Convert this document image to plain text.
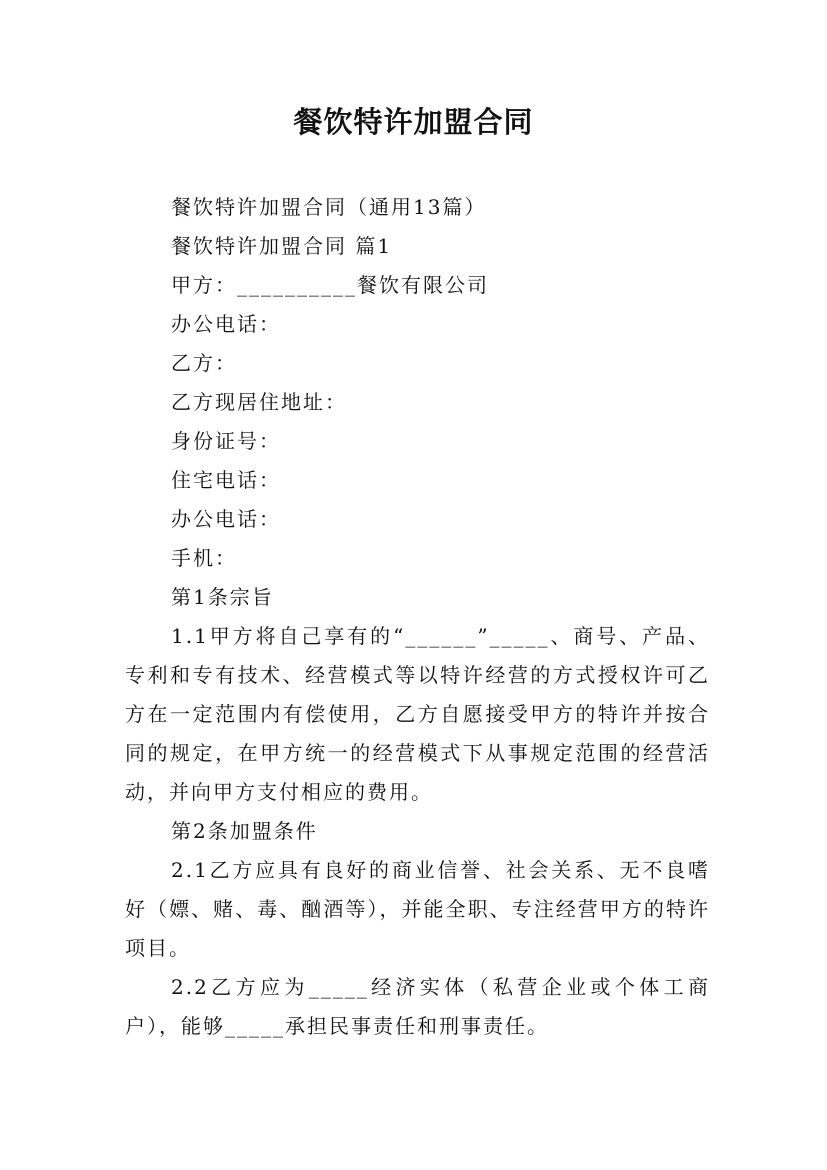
餐饮特许加盟合同
餐饮特许加盟合同（通用13篇）
餐饮特许加盟合同 篇1
甲方：__________餐饮有限公司
办公电话：
乙方：
乙方现居住地址：
身份证号：
住宅电话：
办公电话：
手机：
第1条宗旨
1.1甲方将自己享有的“______”_____、商号、产品、专利和专有技术、经营模式等以特许经营的方式授权许可乙方在一定范围内有偿使用，乙方自愿接受甲方的特许并按合同的规定，在甲方统一的经营模式下从事规定范围的经营活动，并向甲方支付相应的费用。
第2条加盟条件
2.1乙方应具有良好的商业信誉、社会关系、无不良嗜好（嫖、赌、毒、酗酒等），并能全职、专注经营甲方的特许项目。
2.2乙方应为_____经济实体（私营企业或个体工商户），能够_____承担民事责任和刑事责任。
